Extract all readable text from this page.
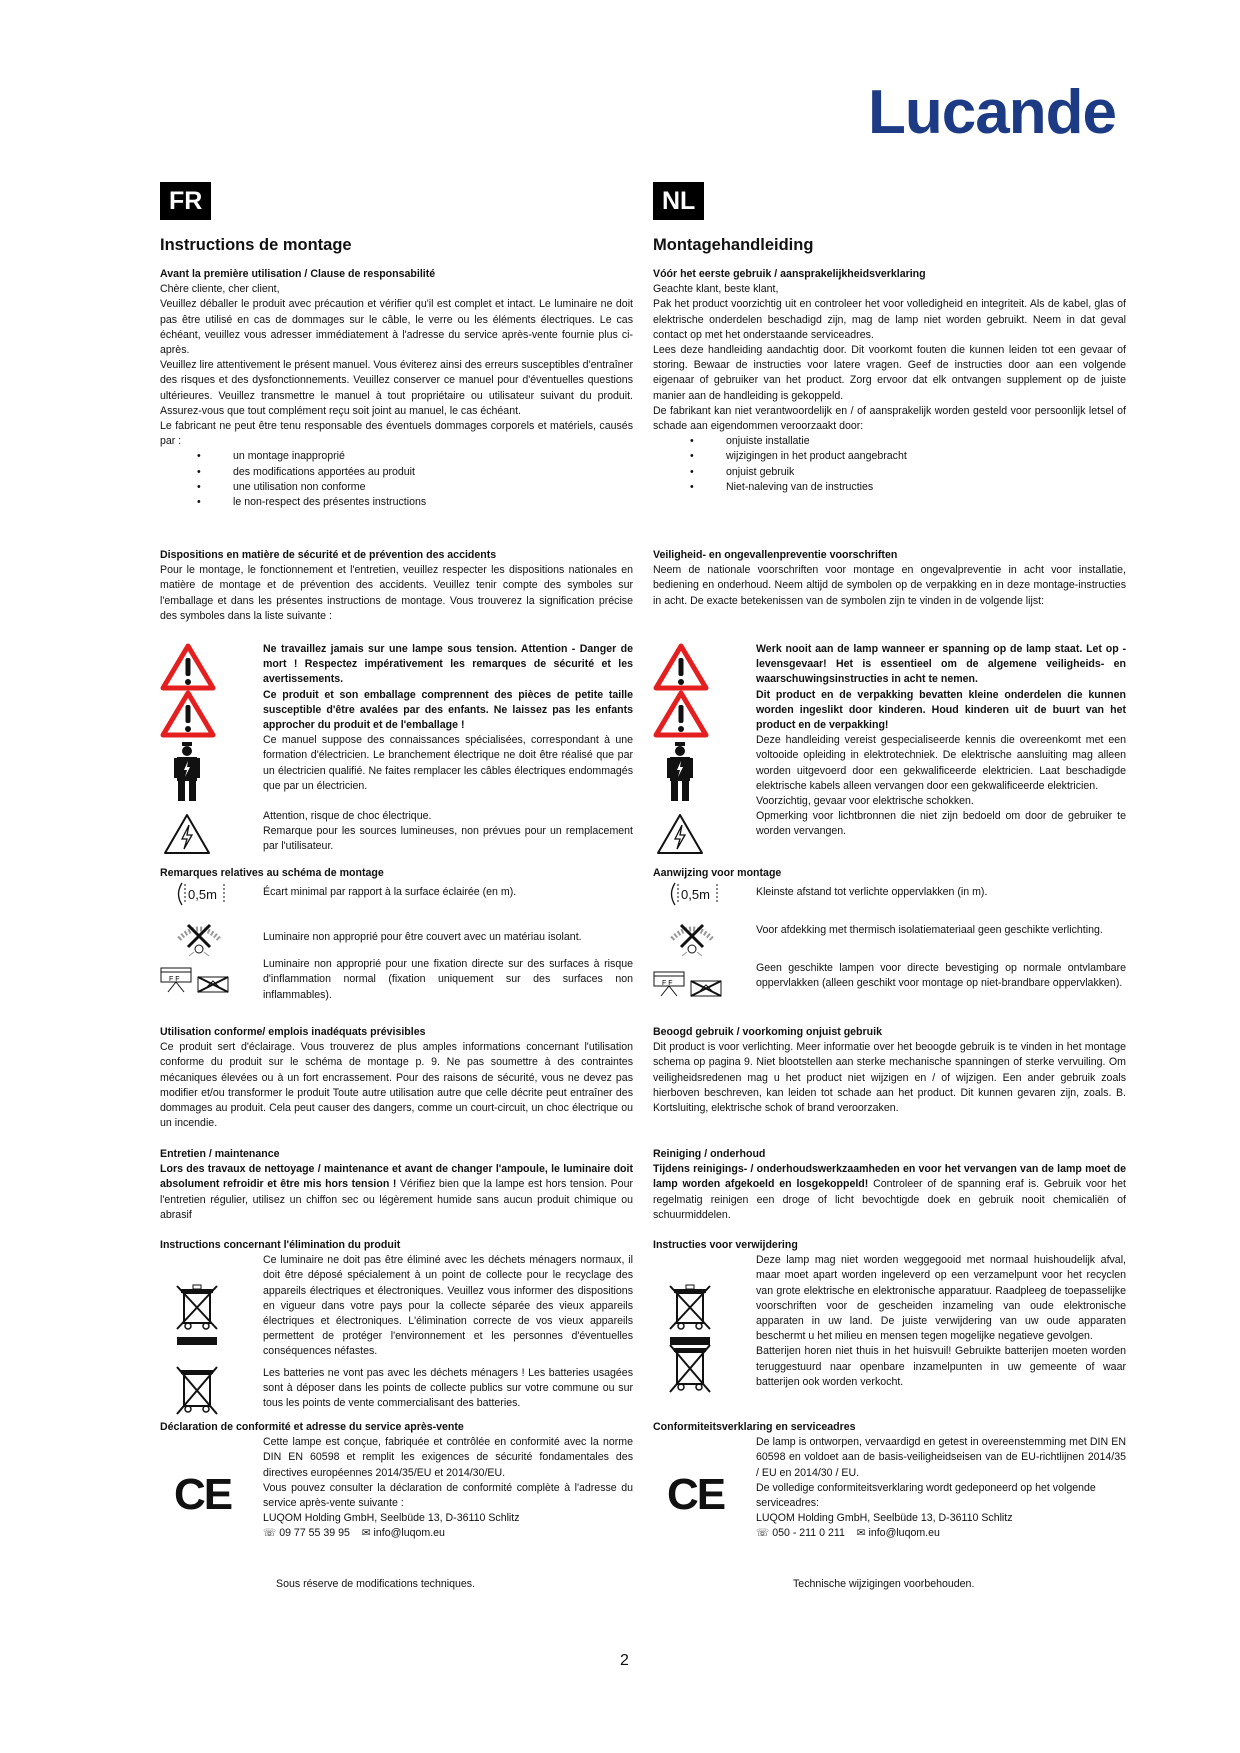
Lucande
FR
Instructions de montage
Avant la première utilisation / Clause de responsabilité

Chère cliente, cher client,

Veuillez déballer le produit avec précaution et vérifier qu'il est complet et intact. Le luminaire ne doit pas être utilisé en cas de dommages sur le câble, le verre ou les éléments électriques. Le cas échéant, veuillez vous adresser immédiatement à l'adresse du service après-vente fournie plus ci-après.

Veuillez lire attentivement le présent manuel. Vous éviterez ainsi des erreurs susceptibles d'entraîner des risques et des dysfonctionnements. Veuillez conserver ce manuel pour d'éventuelles questions ultérieures. Veuillez transmettre le manuel à tout propriétaire ou utilisateur suivant du produit. Assurez-vous que tout complément reçu soit joint au manuel, le cas échéant.

Le fabricant ne peut être tenu responsable des éventuels dommages corporels et matériels, causés par :

• un montage inapproprié
• des modifications apportées au produit
• une utilisation non conforme
• le non-respect des présentes instructions
Dispositions en matière de sécurité et de prévention des accidents

Pour le montage, le fonctionnement et l'entretien, veuillez respecter les dispositions nationales en matière de montage et de prévention des accidents. Veuillez tenir compte des symboles sur l'emballage et dans les présentes instructions de montage. Vous trouverez la signification précise des symboles dans la liste suivante :

Ne travaillez jamais sur une lampe sous tension. Attention - Danger de mort ! Respectez impérativement les remarques de sécurité et les avertissements.
Ce produit et son emballage comprennent des pièces de petite taille susceptible d'être avalées par des enfants. Ne laissez pas les enfants approcher du produit et de l'emballage !
Ce manuel suppose des connaissances spécialisées, correspondant à une formation d'électricien. Le branchement électrique ne doit être réalisé que par un électricien qualifié. Ne faites remplacer les câbles électriques endommagés que par un électricien.
Attention, risque de choc électrique.
Remarque pour les sources lumineuses, non prévues pour un remplacement par l'utilisateur.
Remarques relatives au schéma de montage
0,5m	Écart minimal par rapport à la surface éclairée (en m).
Luminaire non approprié pour être couvert avec un matériau isolant.
F F
Luminaire non approprié pour une fixation directe sur des surfaces à risque d'inflammation normal (fixation uniquement sur des surfaces non inflammables).
Utilisation conforme/ emplois inadéquats prévisibles

Ce produit sert d'éclairage. Vous trouverez de plus amples informations concernant l'utilisation conforme du produit sur le schéma de montage p. 9. Ne pas soumettre à des contraintes mécaniques élevées ou à un fort encrassement. Pour des raisons de sécurité, vous ne devez pas modifier et/ou transformer le produit Toute autre utilisation autre que celle décrite peut entraîner des dommages au produit. Cela peut causer des dangers, comme un court-circuit, un choc électrique ou un incendie.

Entretien / maintenance

Lors des travaux de nettoyage / maintenance et avant de changer l'ampoule, le luminaire doit absolument refroidir et être mis hors tension ! Vérifiez bien que la lampe est hors tension. Pour l'entretien régulier, utilisez un chiffon sec ou légèrement humide sans aucun produit chimique ou abrasif

Instructions concernant l'élimination du produit
Ce luminaire ne doit pas être éliminé avec les déchets ménagers normaux, il doit être déposé spécialement à un point de collecte pour le recyclage des appareils électriques et électroniques. Veuillez vous informer des dispositions en vigueur dans votre pays pour la collecte séparée des vieux appareils électriques et électroniques. L'élimination correcte de vos vieux appareils permettent de protéger l'environnement et les personnes d'éventuelles conséquences néfastes.
Les batteries ne vont pas avec les déchets ménagers ! Les batteries usagées sont à déposer dans les points de collecte publics sur votre commune ou sur tous les points de vente commercialisant des batteries.
Déclaration de conformité et adresse du service après-vente
CE
Cette lampe est conçue, fabriquée et contrôlée en conformité avec la norme DIN EN 60598 et remplit les exigences de sécurité fondamentales des directives européennes 2014/35/EU et 2014/30/EU.
Vous pouvez consulter la déclaration de conformité complète à l'adresse du service après-vente suivante :
LUQOM Holding GmbH, Seelbüde 13, D-36110 Schlitz
☏ 09 77 55 39 95 ✉ info@luqom.eu
Sous réserve de modifications techniques.
NL
Montagehandleiding
Vóór het eerste gebruik / aansprakelijkheidsverklaring

Geachte klant, beste klant,

Pak het product voorzichtig uit en controleer het voor volledigheid en integriteit. Als de kabel, glas of elektrische onderdelen beschadigd zijn, mag de lamp niet worden gebruikt. Neem in dat geval contact op met het onderstaande serviceadres.

Lees deze handleiding aandachtig door. Dit voorkomt fouten die kunnen leiden tot een gevaar of storing. Bewaar de instructies voor latere vragen. Geef de instructies door aan een volgende eigenaar of gebruiker van het product. Zorg ervoor dat elk ontvangen supplement op de juiste manier aan de handleiding is gekoppeld.

De fabrikant kan niet verantwoordelijk en / of aansprakelijk worden gesteld voor persoonlijk letsel of schade aan eigendommen veroorzaakt door:

• onjuiste installatie
• wijzigingen in het product aangebracht
• onjuist gebruik
• Niet-naleving van de instructies
Veiligheid- en ongevallenpreventie voorschriften

Neem de nationale voorschriften voor montage en ongevalpreventie in acht voor installatie, bediening en onderhoud. Neem altijd de symbolen op de verpakking en in deze montage-instructies in acht. De exacte betekenissen van de symbolen zijn te vinden in de volgende lijst:

Werk nooit aan de lamp wanneer er spanning op de lamp staat. Let op - levensgevaar! Het is essentieel om de algemene veiligheids- en waarschuwingsinstructies in acht te nemen.
Dit product en de verpakking bevatten kleine onderdelen die kunnen worden ingeslikt door kinderen. Houd kinderen uit de buurt van het product en de verpakking!
Deze handleiding vereist gespecialiseerde kennis die overeenkomt met een voltooide opleiding in elektrotechniek. De elektrische aansluiting mag alleen worden uitgevoerd door een gekwalificeerde elektricien. Laat beschadigde elektrische kabels alleen vervangen door een gekwalificeerde elektricien.
Voorzichtig, gevaar voor elektrische schokken.
Opmerking voor lichtbronnen die niet zijn bedoeld om door de gebruiker te worden vervangen.
Aanwijzing voor montage
0,5m	Kleinste afstand tot verlichte oppervlakken (in m).
Voor afdekking met thermisch isolatiemateriaal geen geschikte verlichting.
F F
Geen geschikte lampen voor directe bevestiging op normale ontvlambare oppervlakken (alleen geschikt voor montage op niet-brandbare oppervlakken).
Beoogd gebruik / voorkoming onjuist gebruik

Dit product is voor verlichting. Meer informatie over het beoogde gebruik is te vinden in het montage schema op pagina 9. Niet blootstellen aan sterke mechanische spanningen of sterke vervuiling. Om veiligheidsredenen mag u het product niet wijzigen en / of wijzigen. Een ander gebruik zoals hierboven beschreven, kan leiden tot schade aan het product. Dit kunnen gevaren zijn, zoals. B. Kortsluiting, elektrische schok of brand veroorzaken.

Reiniging / onderhoud

Tijdens reinigings- / onderhoudswerkzaamheden en voor het vervangen van de lamp moet de lamp worden afgekoeld en losgekoppeld! Controleer of de spanning eraf is. Gebruik voor het regelmatig reinigen een droge of licht bevochtigde doek en gebruik nooit chemicaliën of schuurmiddelen.

Instructies voor verwijdering
Deze lamp mag niet worden weggegooid met normaal huishoudelijk afval, maar moet apart worden ingeleverd op een verzamelpunt voor het recyclen van grote elektrische en elektronische apparatuur. Raadpleeg de toepasselijke voorschriften voor de gescheiden inzameling van oude elektronische apparaten in uw land. De juiste verwijdering van uw oude apparaten beschermt u het milieu en mensen tegen mogelijke negatieve gevolgen.
Batterijen horen niet thuis in het huisvuil! Gebruikte batterijen moeten worden teruggestuurd naar openbare inzamelpunten in uw gemeente of waar batterijen ook worden verkocht.
Conformiteitsverklaring en serviceadres
CE
De lamp is ontworpen, vervaardigd en getest in overeenstemming met DIN EN 60598 en voldoet aan de basis-veiligheidseisen van de EU-richtlijnen 2014/35 / EU en 2014/30 / EU.
De volledige conformiteitsverklaring wordt gedeponeerd op het volgende serviceadres:
LUQOM Holding GmbH, Seelbüde 13, D-36110 Schlitz
☏ 050 - 211 0 211 ✉ info@luqom.eu
Technische wijzigingen voorbehouden.
2
